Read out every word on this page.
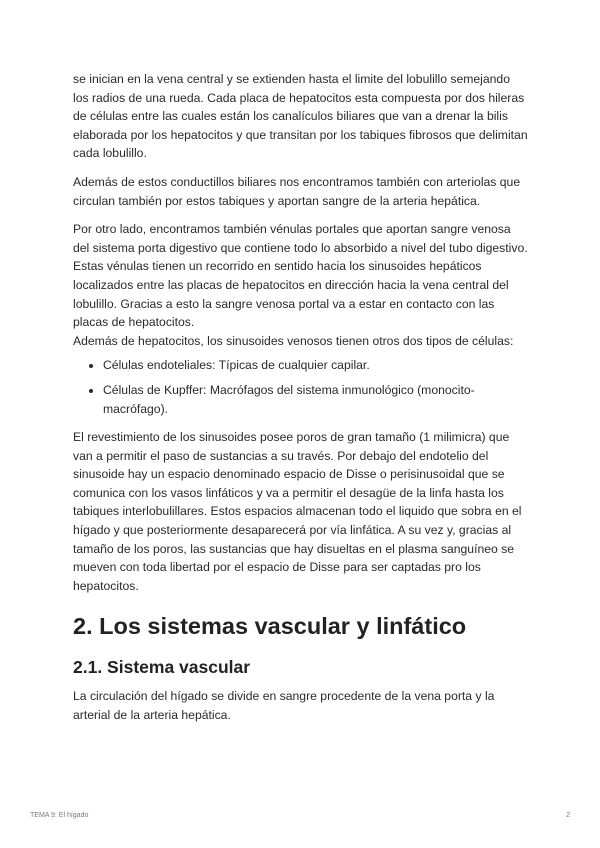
se inician en la vena central y se extienden hasta el limite del lobulillo semejando los radios de una rueda. Cada placa de hepatocitos esta compuesta por dos hileras de células entre las cuales están los canalículos biliares que van a drenar la bilis elaborada por los hepatocitos y que transitan por los tabiques fibrosos que delimitan cada lobulillo.

Además de estos conductillos biliares nos encontramos también con arteriolas que circulan también por estos tabiques y aportan sangre de la arteria hepática.

Por otro lado, encontramos también vénulas portales que aportan sangre venosa del sistema porta digestivo que contiene todo lo absorbido a nivel del tubo digestivo. Estas vénulas tienen un recorrido en sentido hacia los sinusoides hepáticos localizados entre las placas de hepatocitos en dirección hacia la vena central del lobulillo. Gracias a esto la sangre venosa portal va a estar en contacto con las placas de hepatocitos.

Además de hepatocitos, los sinusoides venosos tienen otros dos tipos de células:

• Células endoteliales: Típicas de cualquier capilar.
• Células de Kupffer: Macrófagos del sistema inmunológico (monocito-macrófago).

El revestimiento de los sinusoides posee poros de gran tamaño (1 milimicra) que van a permitir el paso de sustancias a su través. Por debajo del endotelio del sinusoide hay un espacio denominado espacio de Disse o perisinusoidal que se comunica con los vasos linfáticos y va a permitir el desagüe de la linfa hasta los tabiques interlobulillares. Estos espacios almacenan todo el liquido que sobra en el hígado y que posteriormente desaparecerá por vía linfática. A su vez y, gracias al tamaño de los poros, las sustancias que hay disueltas en el plasma sanguíneo se mueven con toda libertad por el espacio de Disse para ser captadas pro los hepatocitos.

2. Los sistemas vascular y linfático
2.1. Sistema vascular

La circulación del hígado se divide en sangre procedente de la vena porta y la arterial de la arteria hepática.

TEMA 9: El hígado	2
